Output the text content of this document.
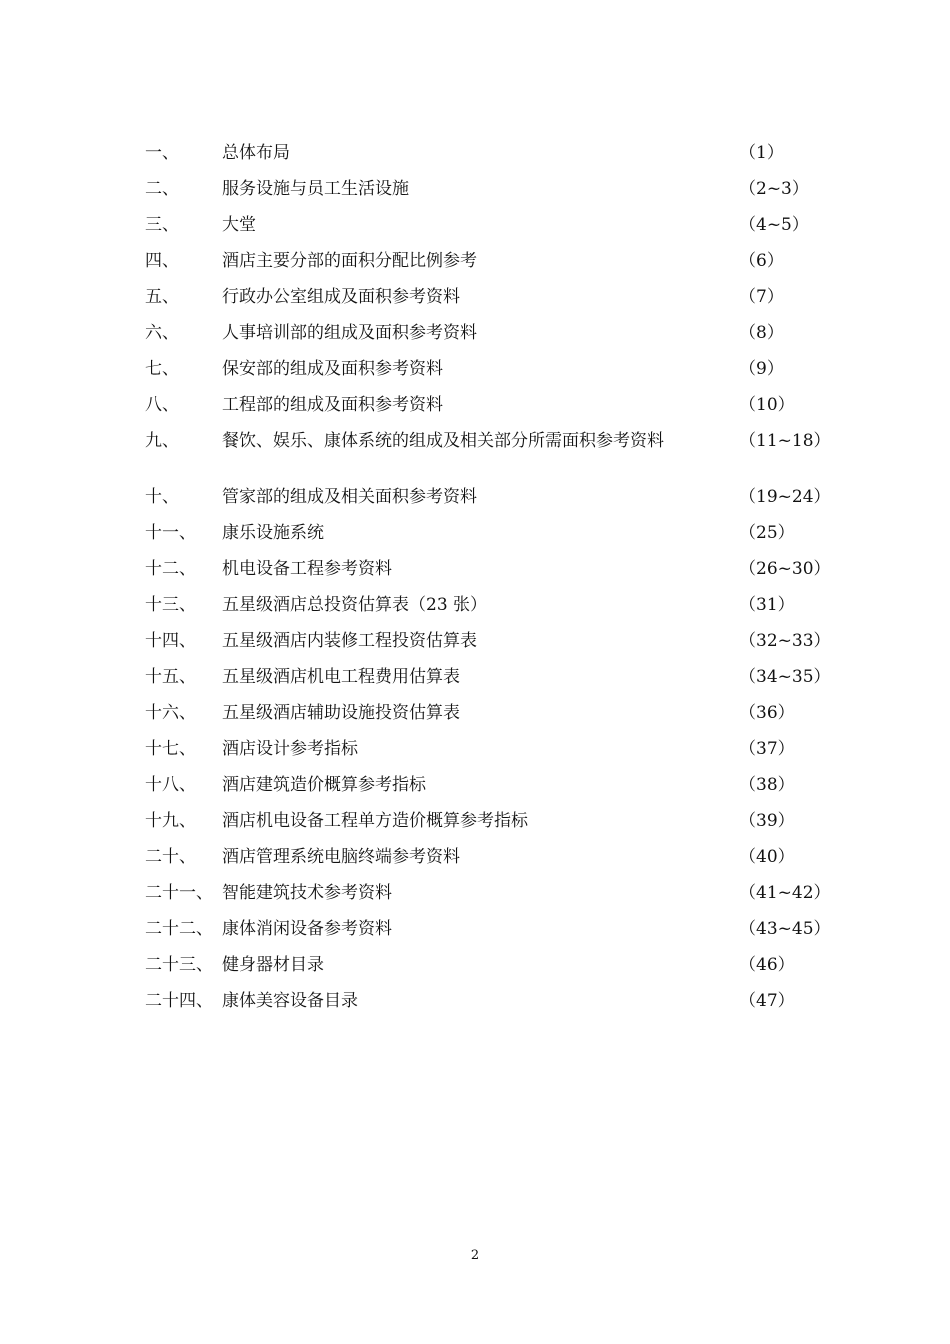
一、	总体布局	（1）
二、	服务设施与员工生活设施	（2~3）
三、	大堂	（4~5）
四、	酒店主要分部的面积分配比例参考	（6）
五、	行政办公室组成及面积参考资料	（7）
六、	人事培训部的组成及面积参考资料	（8）
七、	保安部的组成及面积参考资料	（9）
八、	工程部的组成及面积参考资料	（10）
九、	餐饮、娱乐、康体系统的组成及相关部分所需面积参考资料	（11~18）
十、	管家部的组成及相关面积参考资料	（19~24）
十一、 康乐设施系统	（25）
十二、 机电设备工程参考资料	（26~30）
十三、 五星级酒店总投资估算表（23 张）	（31）
十四、 五星级酒店内装修工程投资估算表	（32~33）
十五、 五星级酒店机电工程费用估算表	（34~35）
十六、 五星级酒店辅助设施投资估算表	（36）
十七、 酒店设计参考指标	（37）
十八、 酒店建筑造价概算参考指标	（38）
十九、 酒店机电设备工程单方造价概算参考指标	（39）
二十、 酒店管理系统电脑终端参考资料	（40）
二十一、 智能建筑技术参考资料	（41~42）
二十二、 康体消闲设备参考资料	（43~45）
二十三、 健身器材目录	（46）
二十四、 康体美容设备目录	（47）
2
